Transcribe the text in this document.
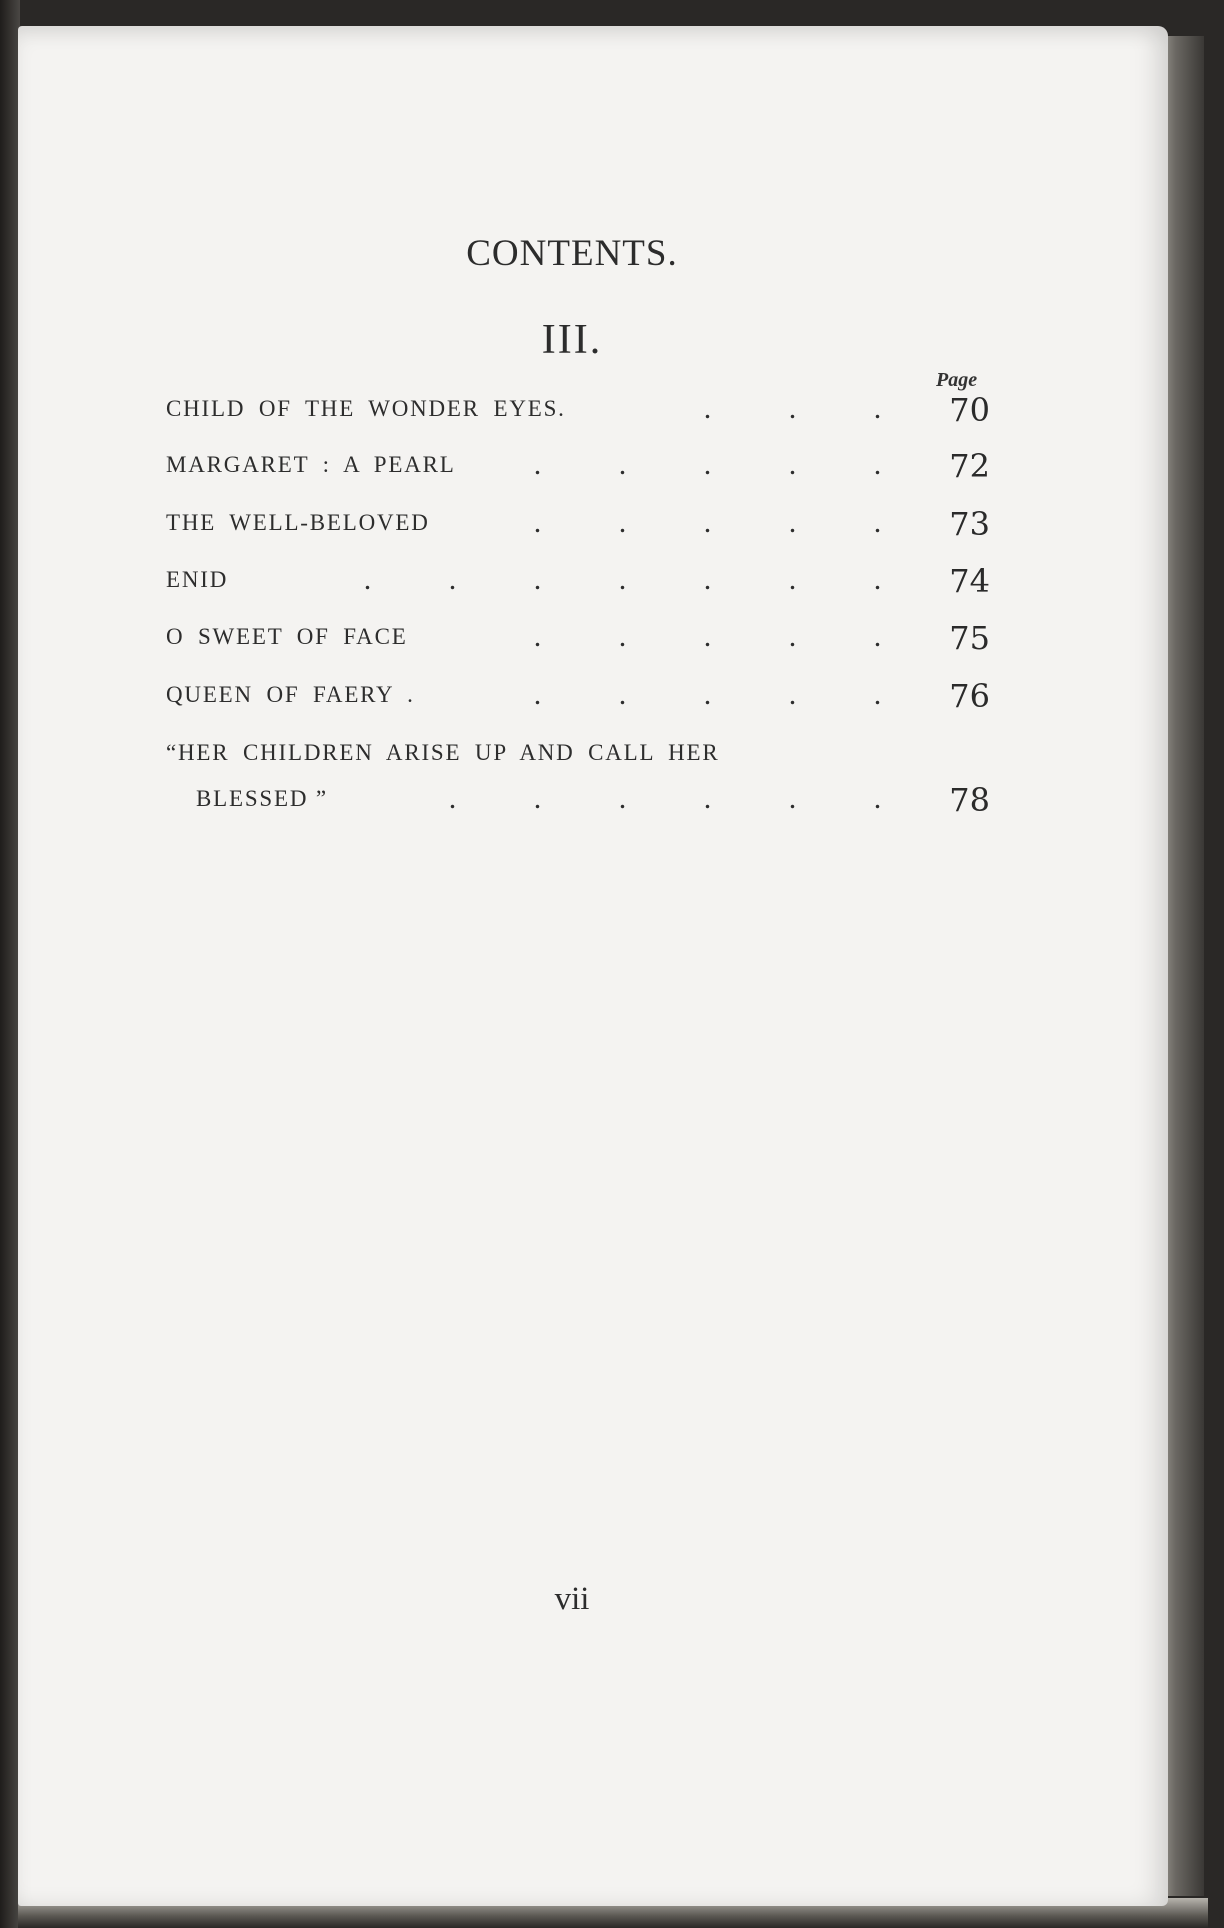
CONTENTS.
III.
Page
CHILD OF THE WONDER EYES.	.	.	.	70
MARGARET : A PEARL	.	.	.	.	.	72
THE WELL-BELOVED	.	.	.	.	.	73
ENID	.	.	.	.	.	.	.	74
O SWEET OF FACE	.	.	.	.	.	75
QUEEN OF FAERY .	.	.	.	.	.	76
“HER CHILDREN ARISE UP AND CALL HER
BLESSED ”	.	.	.	.	.	.	78
vii
